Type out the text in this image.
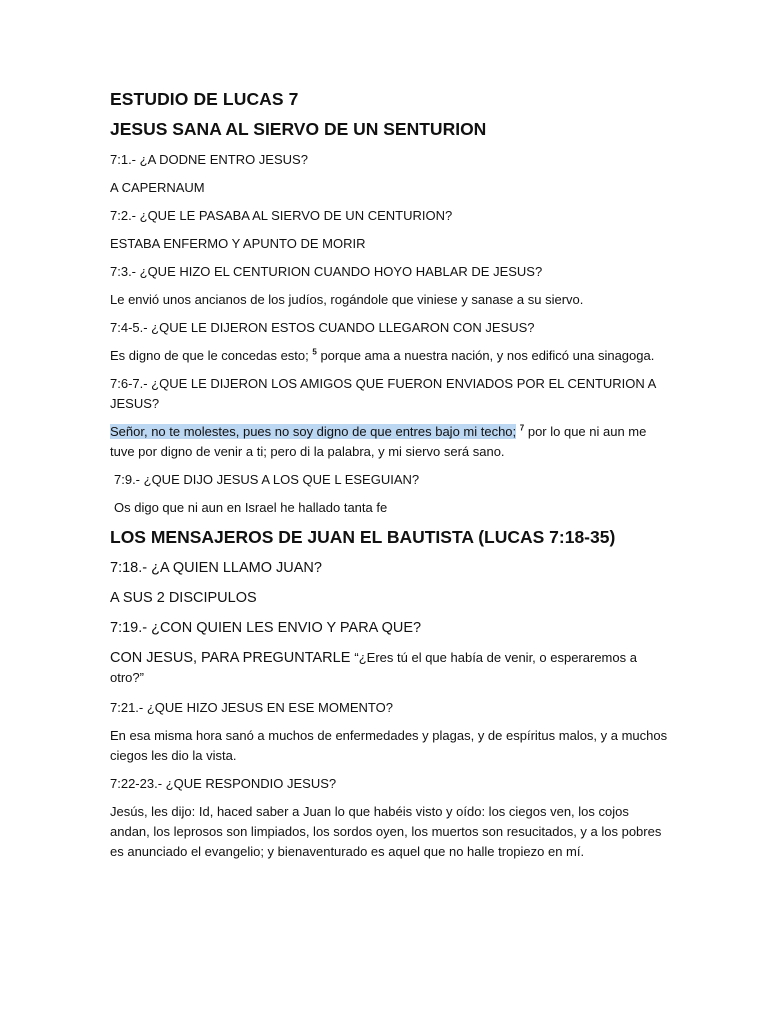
ESTUDIO DE LUCAS 7
JESUS SANA AL SIERVO DE UN SENTURION
7:1.- ¿A DODNE ENTRO JESUS?
A CAPERNAUM
7:2.- ¿QUE LE PASABA AL SIERVO DE UN CENTURION?
ESTABA ENFERMO Y APUNTO DE MORIR
7:3.- ¿QUE HIZO EL CENTURION CUANDO HOYO HABLAR DE JESUS?
Le envió unos ancianos de los judíos, rogándole que viniese y sanase a su siervo.
7:4-5.- ¿QUE LE DIJERON ESTOS CUANDO LLEGARON CON JESUS?
Es digno de que le concedas esto; $^5$ porque ama a nuestra nación, y nos edificó una sinagoga.
7:6-7.- ¿QUE LE DIJERON LOS AMIGOS QUE FUERON ENVIADOS POR EL CENTURION A JESUS?
Señor, no te molestes, pues no soy digno de que entres bajo mi techo; $^7$ por lo que ni aun me tuve por digno de venir a ti; pero di la palabra, y mi siervo será sano.
7:9.- ¿QUE DIJO JESUS A LOS QUE L ESEGUIAN?
Os digo que ni aun en Israel he hallado tanta fe
LOS MENSAJEROS DE JUAN EL BAUTISTA (LUCAS 7:18-35)
7:18.- ¿A QUIEN LLAMO JUAN?
A SUS 2 DISCIPULOS
7:19.- ¿CON QUIEN LES ENVIO Y PARA QUE?
CON JESUS, PARA PREGUNTARLE “¿Eres tú el que había de venir, o esperaremos a otro?”
7:21.- ¿QUE HIZO JESUS EN ESE MOMENTO?
En esa misma hora sanó a muchos de enfermedades y plagas, y de espíritus malos, y a muchos ciegos les dio la vista.
7:22-23.- ¿QUE RESPONDIO JESUS?
Jesús, les dijo: Id, haced saber a Juan lo que habéis visto y oído: los ciegos ven, los cojos andan, los leprosos son limpiados, los sordos oyen, los muertos son resucitados, y a los pobres es anunciado el evangelio; y bienaventurado es aquel que no halle tropiezo en mí.
